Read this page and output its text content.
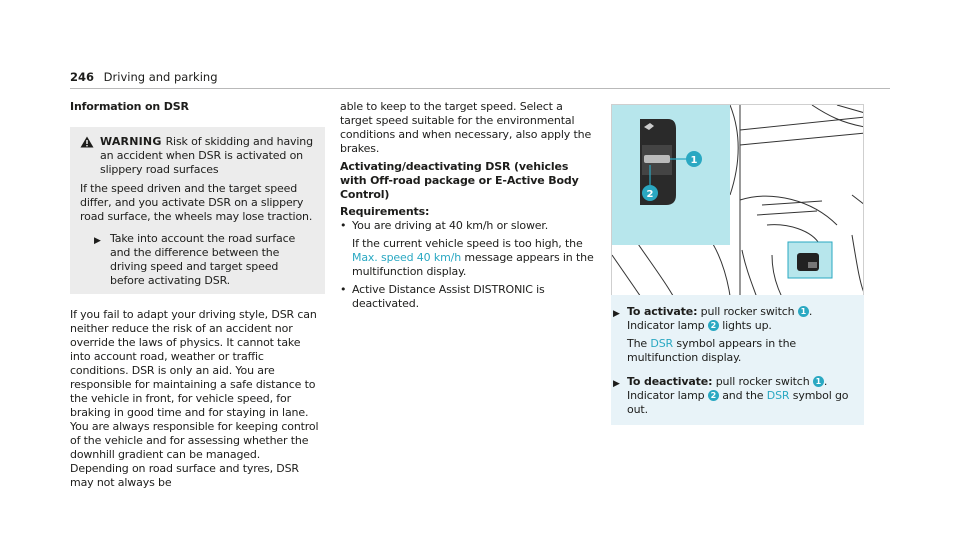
246 Driving and parking
Information on DSR
WARNING Risk of skidding and having an accident when DSR is activated on slippery road surfaces

If the speed driven and the target speed differ, and you activate DSR on a slippery road surface, the wheels may lose traction.

▶ Take into account the road surface and the difference between the driving speed and target speed before activating DSR.

If you fail to adapt your driving style, DSR can neither reduce the risk of an accident nor override the laws of physics. It cannot take into account road, weather or traffic conditions. DSR is only an aid. You are responsible for maintaining a safe distance to the vehicle in front, for vehicle speed, for braking in good time and for staying in lane.

You are always responsible for keeping control of the vehicle and for assessing whether the downhill gradient can be managed. Depending on road surface and tyres, DSR may not always be

able to keep to the target speed. Select a target speed suitable for the environmental conditions and when necessary, also apply the brakes.

Activating/deactivating DSR (vehicles with Off-road package or E-Active Body Control)
Requirements:
• You are driving at 40 km/h or slower.
If the current vehicle speed is too high, the Max. speed 40 km/h message appears in the multifunction display.
• Active Distance Assist DISTRONIC is deactivated.
1
2
▶ To activate: pull rocker switch 1 .
Indicator lamp 2 lights up.
The DSR symbol appears in the multifunction display.
▶ To deactivate: pull rocker switch 1 .
Indicator lamp 2 and the DSR symbol go out.
